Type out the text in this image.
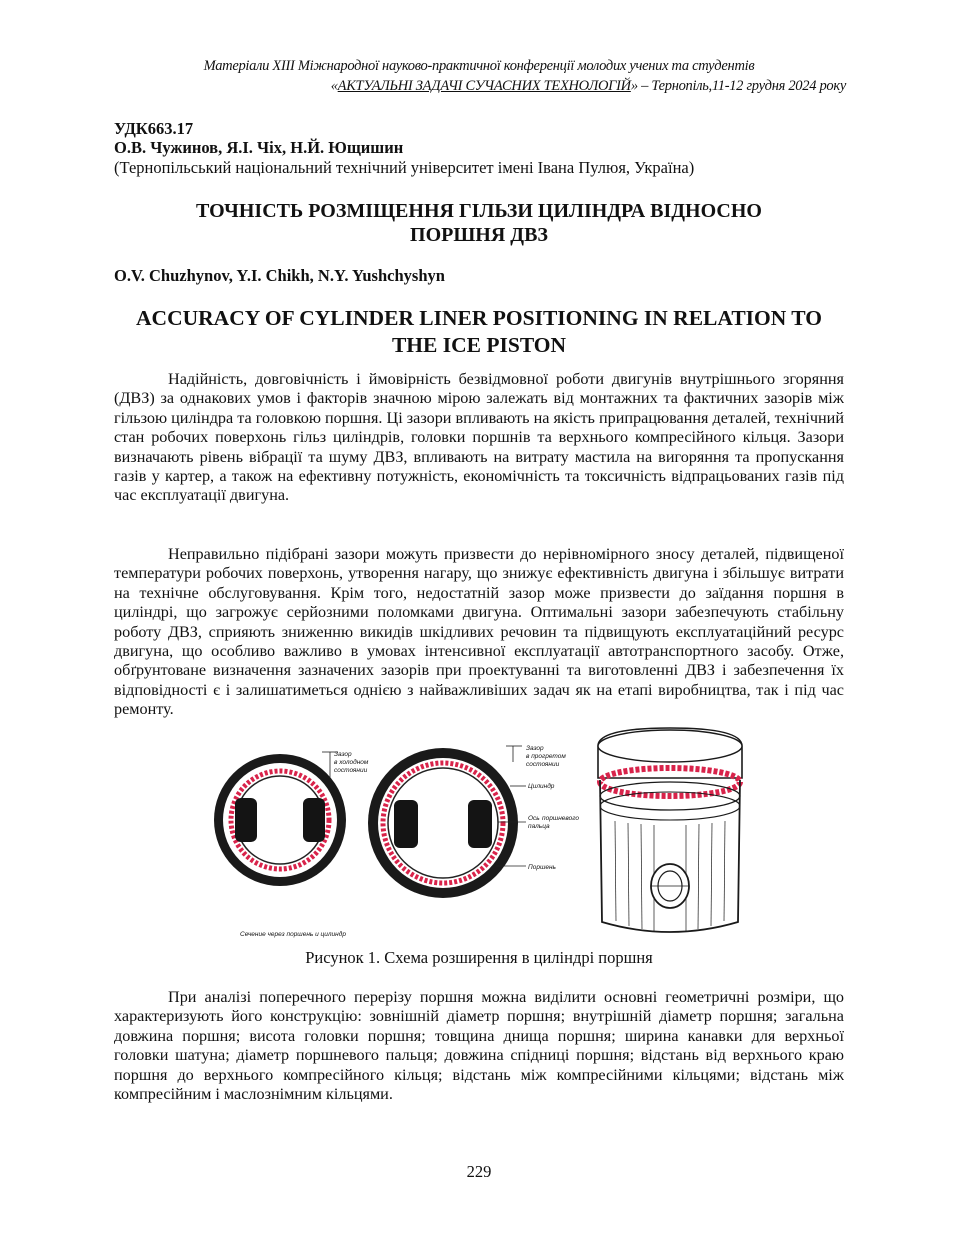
Матеріали XIII Міжнародної науково-практичної конференції молодих учених та студентів
«АКТУАЛЬНІ ЗАДАЧІ СУЧАСНИХ ТЕХНОЛОГІЙ» – Тернопіль,11-12 грудня 2024 року
УДК663.17
О.В. Чужинов, Я.І. Чіх, Н.Й. Ющишин
(Тернопільський національний технічний університет імені Івана Пулюя, Україна)
ТОЧНІСТЬ РОЗМІЩЕННЯ ГІЛЬЗИ ЦИЛІНДРА ВІДНОСНО
ПОРШНЯ ДВЗ
O.V. Chuzhynov, Y.I. Chikh, N.Y. Yushchyshyn
ACCURACY OF CYLINDER LINER POSITIONING IN RELATION TO
THE ICE PISTON

Надійність, довговічність і ймовірність безвідмовної роботи двигунів внутрішнього згоряння (ДВЗ) за однакових умов і факторів значною мірою залежать від монтажних та фактичних зазорів між гільзою циліндра та головкою поршня. Ці зазори впливають на якість припрацювання деталей, технічний стан робочих поверхонь гільз циліндрів, головки поршнів та верхнього компресійного кільця. Зазори визначають рівень вібрації та шуму ДВЗ, впливають на витрату мастила на вигоряння та пропускання газів у картер, а також на ефективну потужність, економічність та токсичність відпрацьованих газів під час експлуатації двигуна.

Неправильно підібрані зазори можуть призвести до нерівномірного зносу деталей, підвищеної температури робочих поверхонь, утворення нагару, що знижує ефективність двигуна і збільшує витрати на технічне обслуговування. Крім того, недостатній зазор може призвести до заїдання поршня в циліндрі, що загрожує серйозними поломками двигуна. Оптимальні зазори забезпечують стабільну роботу ДВЗ, сприяють зниженню викидів шкідливих речовин та підвищують експлуатаційний ресурс двигуна, що особливо важливо в умовах інтенсивної експлуатації автотранспортного засобу. Отже, обґрунтоване визначення зазначених зазорів при проектуванні та виготовленні ДВЗ і забезпечення їх відповідності є і залишатиметься однією з найважливіших задач як на етапі виробництва, так і під час ремонту.

Зазор
в холодном
состоянии
Зазор
в прогретом
состоянии
Цилиндр
Ось поршневого
пальца
Поршень
Сечение через поршень и цилиндр
Рисунок 1. Схема розширення в циліндрі поршня

При аналізі поперечного перерізу поршня можна виділити основні геометричні розміри, що характеризують його конструкцію: зовнішній діаметр поршня; внутрішній діаметр поршня; загальна довжина поршня; висота головки поршня; товщина днища поршня; ширина канавки для верхньої головки шатуна; діаметр поршневого пальця; довжина спідниці поршня; відстань від верхнього краю поршня до верхнього компресійного кільця; відстань між компресійними кільцями; відстань між компресійним і маслознімним кільцями.

229
